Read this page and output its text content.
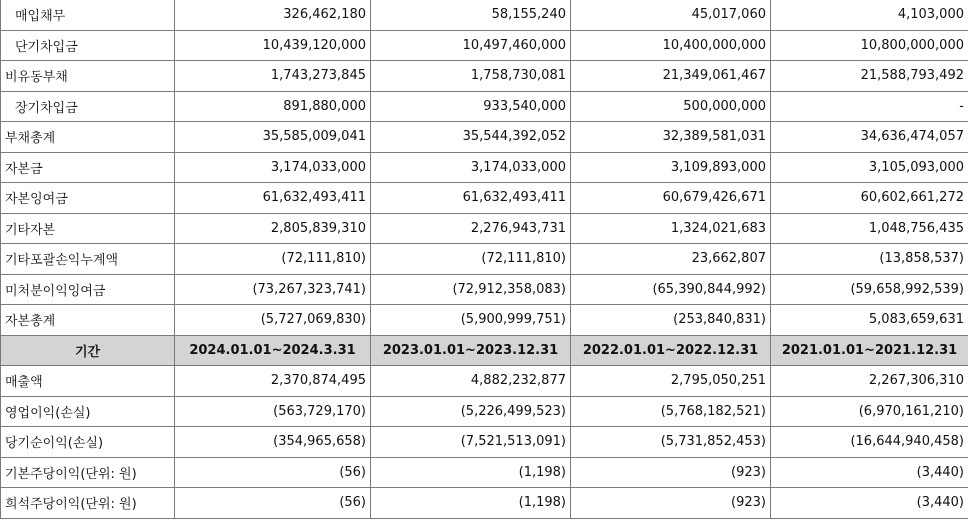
매입채무	326,462,180	58,155,240	45,017,060	4,103,000
단기차입금	10,439,120,000	10,497,460,000	10,400,000,000	10,800,000,000
비유동부채	1,743,273,845	1,758,730,081	21,349,061,467	21,588,793,492
장기차입금	891,880,000	933,540,000	500,000,000	-
부채총계	35,585,009,041	35,544,392,052	32,389,581,031	34,636,474,057
자본금	3,174,033,000	3,174,033,000	3,109,893,000	3,105,093,000
자본잉여금	61,632,493,411	61,632,493,411	60,679,426,671	60,602,661,272
기타자본	2,805,839,310	2,276,943,731	1,324,021,683	1,048,756,435
기타포괄손익누계액	(72,111,810)	(72,111,810)	23,662,807	(13,858,537)
미처분이익잉여금	(73,267,323,741)	(72,912,358,083)	(65,390,844,992)	(59,658,992,539)
자본총계	(5,727,069,830)	(5,900,999,751)	(253,840,831)	5,083,659,631
기간	2024.01.01~2024.3.31	2023.01.01~2023.12.31	2022.01.01~2022.12.31	2021.01.01~2021.12.31
매출액	2,370,874,495	4,882,232,877	2,795,050,251	2,267,306,310
영업이익(손실)	(563,729,170)	(5,226,499,523)	(5,768,182,521)	(6,970,161,210)
당기순이익(손실)	(354,965,658)	(7,521,513,091)	(5,731,852,453)	(16,644,940,458)
기본주당이익(단위: 원)	(56)	(1,198)	(923)	(3,440)
희석주당이익(단위: 원)	(56)	(1,198)	(923)	(3,440)
